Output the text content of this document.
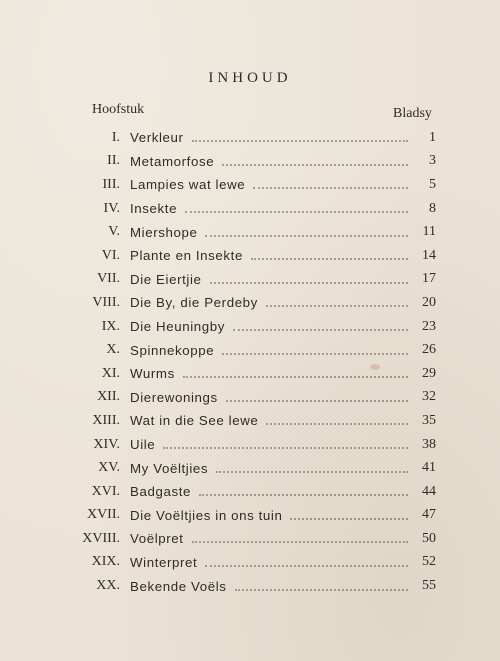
INHOUD
Hoofstuk	Bladsy
I. Verkleur	1
II. Metamorfose	3
III. Lampies wat lewe	5
IV. Insekte	8
V. Miershope	11
VI. Plante en Insekte	14
VII. Die Eiertjie	17
VIII. Die By, die Perdeby	20
IX. Die Heuningby	23
X. Spinnekoppe	26
XI. Wurms	29
XII. Dierewonings	32
XIII. Wat in die See lewe	35
XIV. Uile	38
XV. My Voëltjies	41
XVI. Badgaste	44
XVII. Die Voëltjies in ons tuin	47
XVIII. Voëlpret	50
XIX. Winterpret	52
XX. Bekende Voëls	55
